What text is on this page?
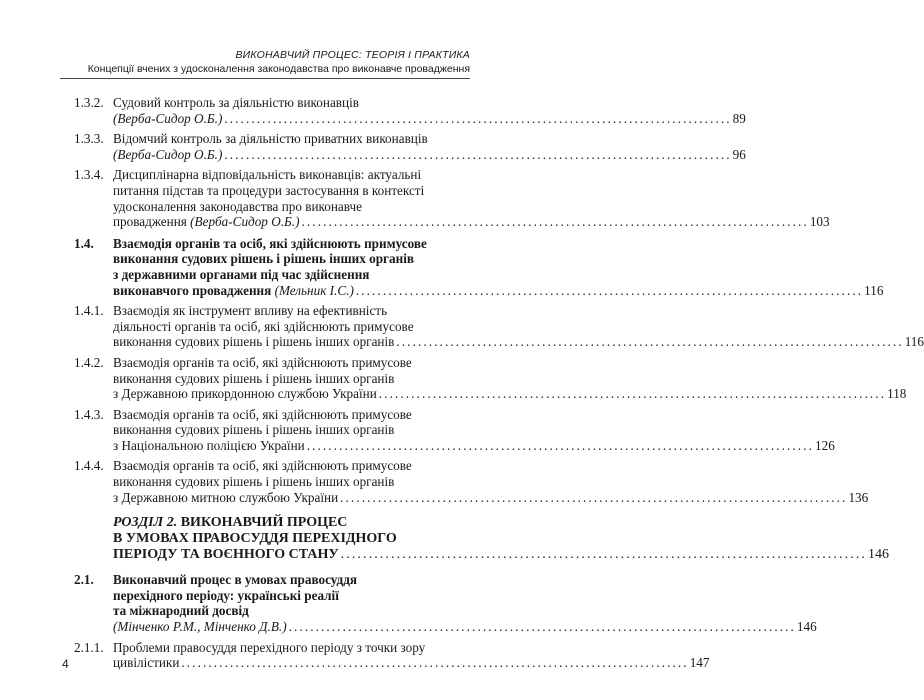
ВИКОНАВЧИЙ ПРОЦЕС: ТЕОРІЯ І ПРАКТИКА
Концепції вчених з удосконалення законодавства про виконавче провадження
1.3.2. Судовий контроль за діяльністю виконавців
(Верба-Сидор О.Б.) .............................................................................................. 89
1.3.3. Відомчий контроль за діяльністю приватних виконавців
(Верба-Сидор О.Б.) .............................................................................................. 96
1.3.4. Дисциплінарна відповідальність виконавців: актуальні
питання підстав та процедури застосування в контексті
удосконалення законодавства про виконавче
провадження
(Верба-Сидор О.Б.) .............................................................................................. 103
1.4. Взаємодія органів та осіб, які здійснюють примусове
виконання судових рішень і рішень інших органів
з державними органами під час здійснення
виконавчого провадження
(Мельник І.С.) .............................................................................................. 116
1.4.1. Взаємодія як інструмент впливу на ефективність
діяльності органів та осіб, які здійснюють примусове
виконання судових рішень і рішень інших органів .............................................................................................. 116
1.4.2. Взаємодія органів та осіб, які здійснюють примусове
виконання судових рішень і рішень інших органів
з Державною прикордонною службою України .............................................................................................. 118
1.4.3. Взаємодія органів та осіб, які здійснюють примусове
виконання судових рішень і рішень інших органів
з Національною поліцією України .............................................................................................. 126
1.4.4. Взаємодія органів та осіб, які здійснюють примусове
виконання судових рішень і рішень інших органів
з Державною митною службою України .............................................................................................. 136
РОЗДІЛ 2. ВИКОНАВЧИЙ ПРОЦЕС
В УМОВАХ ПРАВОСУДДЯ ПЕРЕХІДНОГО
ПЕРІОДУ ТА ВОЄННОГО СТАНУ .............................................................................................. 146
2.1. Виконавчий процес в умовах правосуддя
перехідного періоду: українські реалії
та міжнародний досвід
(Мінченко Р.М., Мінченко Д.В.) .............................................................................................. 146
2.1.1. Проблеми правосуддя перехідного періоду з точки зору
цивілістики .............................................................................................. 147
4
